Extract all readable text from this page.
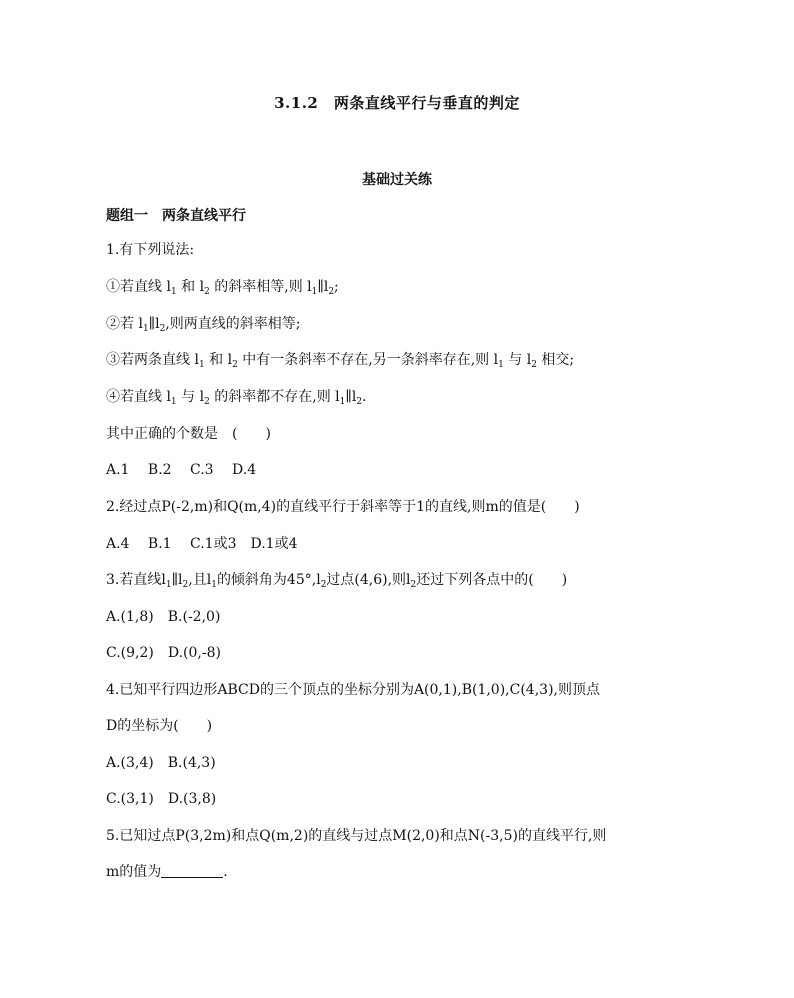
3.1.2　两条直线平行与垂直的判定
基础过关练
题组一　两条直线平行
1.有下列说法:
①若直线 $l_1$ 和 $l_2$ 的斜率相等,则 $l_1\parallel l_2$;
②若 $l_1\parallel l_2$,则两直线的斜率相等;
③若两条直线 $l_1$ 和 $l_2$ 中有一条斜率不存在,另一条斜率存在,则 $l_1$ 与 $l_2$ 相交;
④若直线 $l_1$ 与 $l_2$ 的斜率都不存在,则 $l_1\parallel l_2$.
其中正确的个数是　(　　)
A.1　 B.2　 C.3　 D.4
2.经过点P(-2,m)和Q(m,4)的直线平行于斜率等于1的直线,则m的值是(　　)
A.4　 B.1　 C.1或3　D.1或4
3.若直线$l_1\parallel l_2$,且$l_1$的倾斜角为$45^\circ,l_2$过点(4,6),则$l_2$还过下列各点中的(　　)
A.(1,8)　B.(-2,0)
C.(9,2)　D.(0,-8)
4.已知平行四边形ABCD的三个顶点的坐标分别为A(0,1),B(1,0),C(4,3),则顶点
D的坐标为(　　)
A.(3,4)　B.(4,3)
C.(3,1)　D.(3,8)
5.已知过点P(3,2m)和点Q(m,2)的直线与过点M(2,0)和点N(-3,5)的直线平行,则
m的值为	.
